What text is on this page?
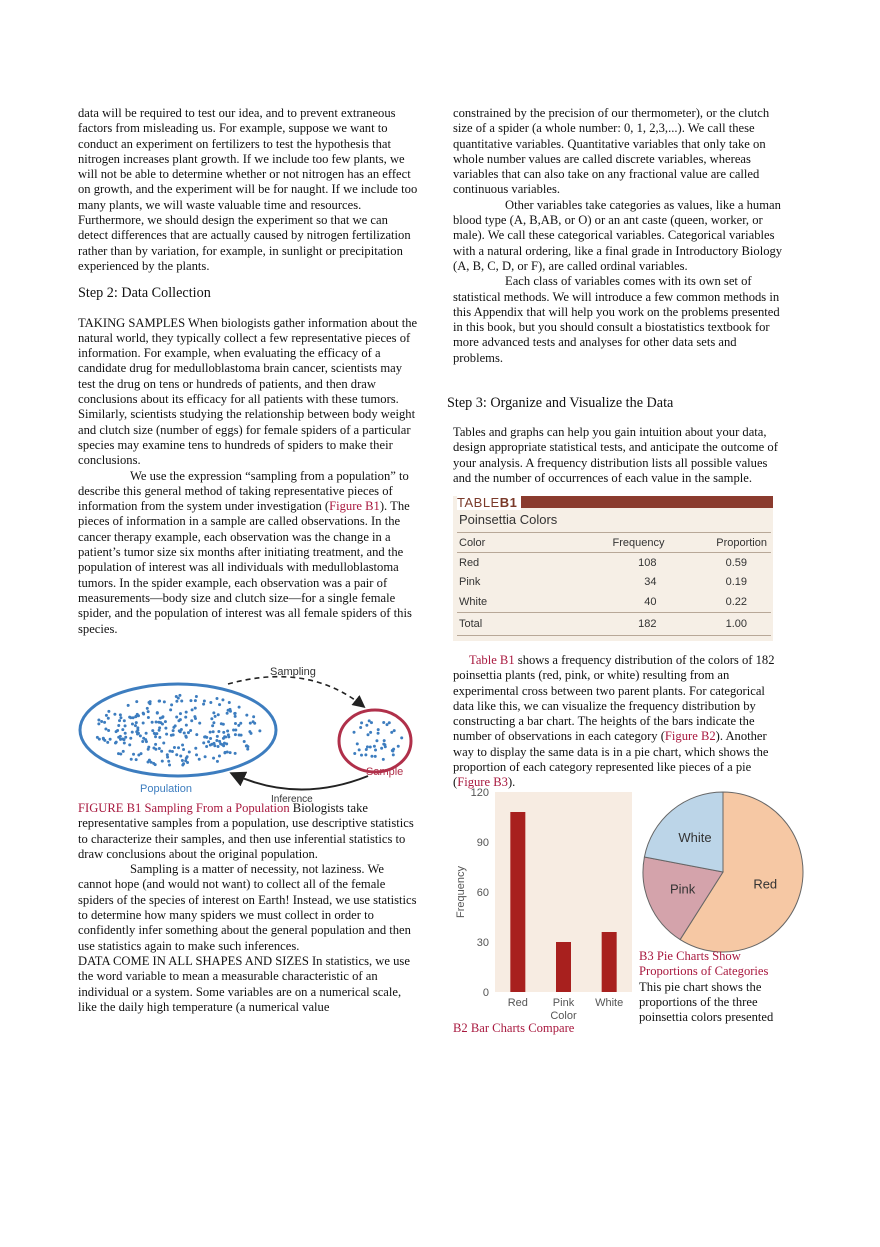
data will be required to test our idea, and to prevent extraneous factors from misleading us. For example, suppose we want to conduct an experiment on fertilizers to test the hypothesis that nitrogen increases plant growth. If we include too few plants, we will not be able to determine whether or not nitrogen has an effect on growth, and the experiment will be for naught. If we include too many plants, we will waste valuable time and resources. Furthermore, we should design the experiment so that we can detect differences that are actually caused by nitrogen fertilization rather than by variation, for example, in sunlight or precipitation experienced by the plants.

Step 2: Data Collection

TAKING SAMPLES When biologists gather information about the natural world, they typically collect a few representative pieces of information. For example, when evaluating the efficacy of a candidate drug for medulloblastoma brain cancer, scientists may test the drug on tens or hundreds of patients, and then draw conclusions about its efficacy for all patients with these tumors. Similarly, scientists studying the relationship between body weight and clutch size (number of eggs) for female spiders of a particular species may examine tens to hundreds of spiders to make their conclusions.

We use the expression “sampling from a population” to describe this general method of taking representative pieces of information from the system under investigation (Figure B1). The pieces of information in a sample are called observations. In the cancer therapy example, each observation was the change in a patient’s tumor size six months after initiating treatment, and the population of interest was all individuals with medulloblastoma tumors. In the spider example, each observation was a pair of measurements—body size and clutch size—for a single female spider, and the population of interest was all female spiders of this species.

Sampling
Inference
Population
Sample

FIGURE B1 Sampling From a Population Biologists take representative samples from a population, use descriptive statistics to characterize their samples, and then use inferential statistics to draw conclusions about the original population.

Sampling is a matter of necessity, not laziness. We cannot hope (and would not want) to collect all of the female spiders of the species of interest on Earth! Instead, we use statistics to determine how many spiders we must collect in order to confidently infer something about the general population and then use statistics again to make such inferences.

DATA COME IN ALL SHAPES AND SIZES In statistics, we use the word variable to mean a measurable characteristic of an individual or a system. Some variables are on a numerical scale, like the daily high temperature (a numerical value

constrained by the precision of our thermometer), or the clutch size of a spider (a whole number: 0, 1, 2,3,...). We call these quantitative variables. Quantitative variables that only take on whole number values are called discrete variables, whereas variables that can also take on any fractional value are called continuous variables.

Other variables take categories as values, like a human blood type (A, B,AB, or O) or an ant caste (queen, worker, or male). We call these categorical variables. Categorical variables with a natural ordering, like a final grade in Introductory Biology (A, B, C, D, or F), are called ordinal variables.

Each class of variables comes with its own set of statistical methods. We will introduce a few common methods in this Appendix that will help you work on the problems presented in this book, but you should consult a biostatistics textbook for more advanced tests and analyses for other data sets and problems.

Step 3: Organize and Visualize the Data

Tables and graphs can help you gain intuition about your data, design appropriate statistical tests, and anticipate the outcome of your analysis. A frequency distribution lists all possible values and the number of occurrences of each value in the sample.

TABLEB1
Poinsettia Colors
Color	Frequency	Proportion
Red	108	0.59
Pink	34	0.19
White	40	0.22
Total	182	1.00

Table B1 shows a frequency distribution of the colors of 182 poinsettia plants (red, pink, or white) resulting from an experimental cross between two parent plants. For categorical data like this, we can visualize the frequency distribution by constructing a bar chart. The heights of the bars indicate the number of observations in each category (Figure B2). Another way to display the same data is in a pie chart, which shows the proportion of each category represented like pieces of a pie (Figure B3).

0
30
60
90
120
Red Pink White
Color
Frequency
B2 Bar Charts Compare
Red
Pink
White

B3 Pie Charts Show Proportions of Categories

This pie chart shows the proportions of the three poinsettia colors presented
